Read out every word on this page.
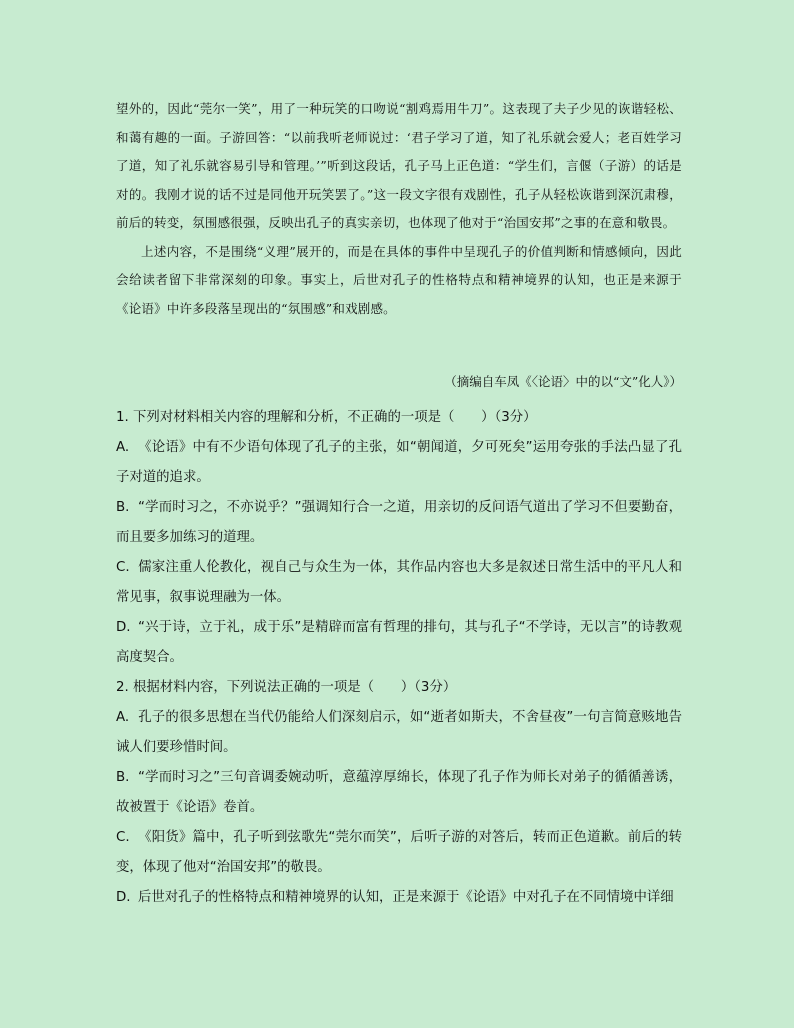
望外的，因此“莞尔一笑”，用了一种玩笑的口吻说“割鸡焉用牛刀”。这表现了夫子少见的诙谐轻松、和蔼有趣的一面。子游回答：“以前我听老师说过：‘君子学习了道，知了礼乐就会爱人；老百姓学习了道，知了礼乐就容易引导和管理。’”听到这段话，孔子马上正色道：“学生们，言偃（子游）的话是对的。我刚才说的话不过是同他开玩笑罢了。”这一段文字很有戏剧性，孔子从轻松诙谐到深沉肃穆，前后的转变，氛围感很强，反映出孔子的真实亲切，也体现了他对于“治国安邦”之事的在意和敬畏。

上述内容，不是围绕“义理”展开的，而是在具体的事件中呈现孔子的价值判断和情感倾向，因此会给读者留下非常深刻的印象。事实上，后世对孔子的性格特点和精神境界的认知，也正是来源于《论语》中许多段落呈现出的“氛围感”和戏剧感。

（摘编自车凤《〈论语〉中的以“文”化人》）

1. 下列对材料相关内容的理解和分析，不正确的一项是（　　）（3分）

A. 《论语》中有不少语句体现了孔子的主张，如“朝闻道，夕可死矣”运用夸张的手法凸显了孔子对道的追求。

B. “学而时习之，不亦说乎？”强调知行合一之道，用亲切的反问语气道出了学习不但要勤奋，而且要多加练习的道理。

C. 儒家注重人伦教化，视自己与众生为一体，其作品内容也大多是叙述日常生活中的平凡人和常见事，叙事说理融为一体。

D. “兴于诗，立于礼，成于乐”是精辟而富有哲理的排句，其与孔子“不学诗，无以言”的诗教观高度契合。

2. 根据材料内容，下列说法正确的一项是（　　）（3分）

A. 孔子的很多思想在当代仍能给人们深刻启示，如“逝者如斯夫，不舍昼夜”一句言简意赅地告诫人们要珍惜时间。

B. “学而时习之”三句音调委婉动听，意蕴淳厚绵长，体现了孔子作为师长对弟子的循循善诱，故被置于《论语》卷首。

C. 《阳货》篇中，孔子听到弦歌先“莞尔而笑”，后听子游的对答后，转而正色道歉。前后的转变，体现了他对“治国安邦”的敬畏。

D. 后世对孔子的性格特点和精神境界的认知，正是来源于《论语》中对孔子在不同情境中详细
